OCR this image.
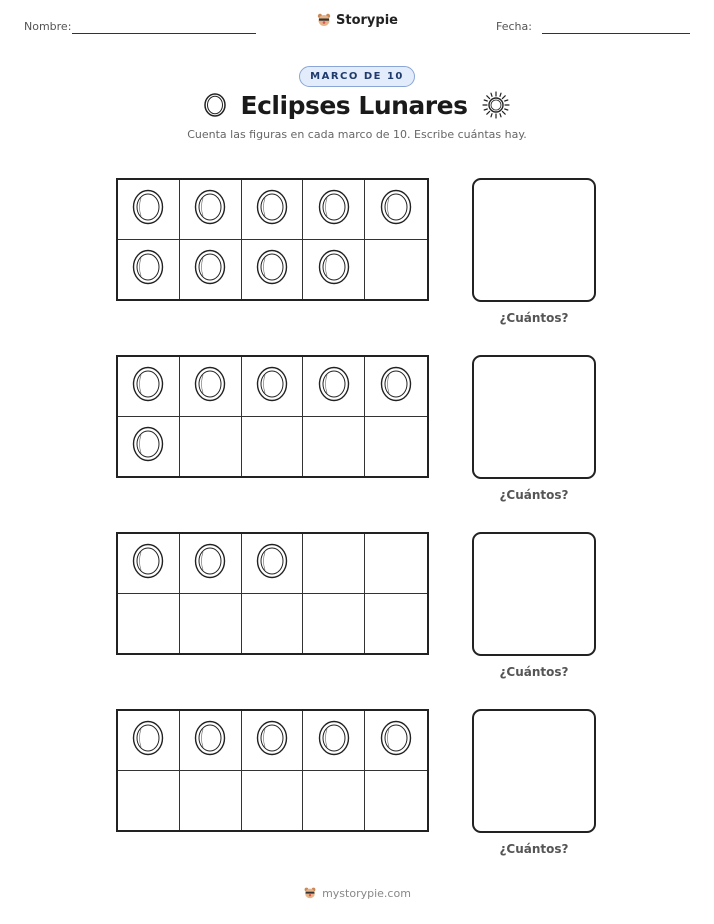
Nombre:	Fecha:
Storypie
MARCO DE 10
Eclipses Lunares
Cuenta las figuras en cada marco de 10. Escribe cuántas hay.
¿Cuántos?
¿Cuántos?
¿Cuántos?
¿Cuántos?
mystorypie.com
